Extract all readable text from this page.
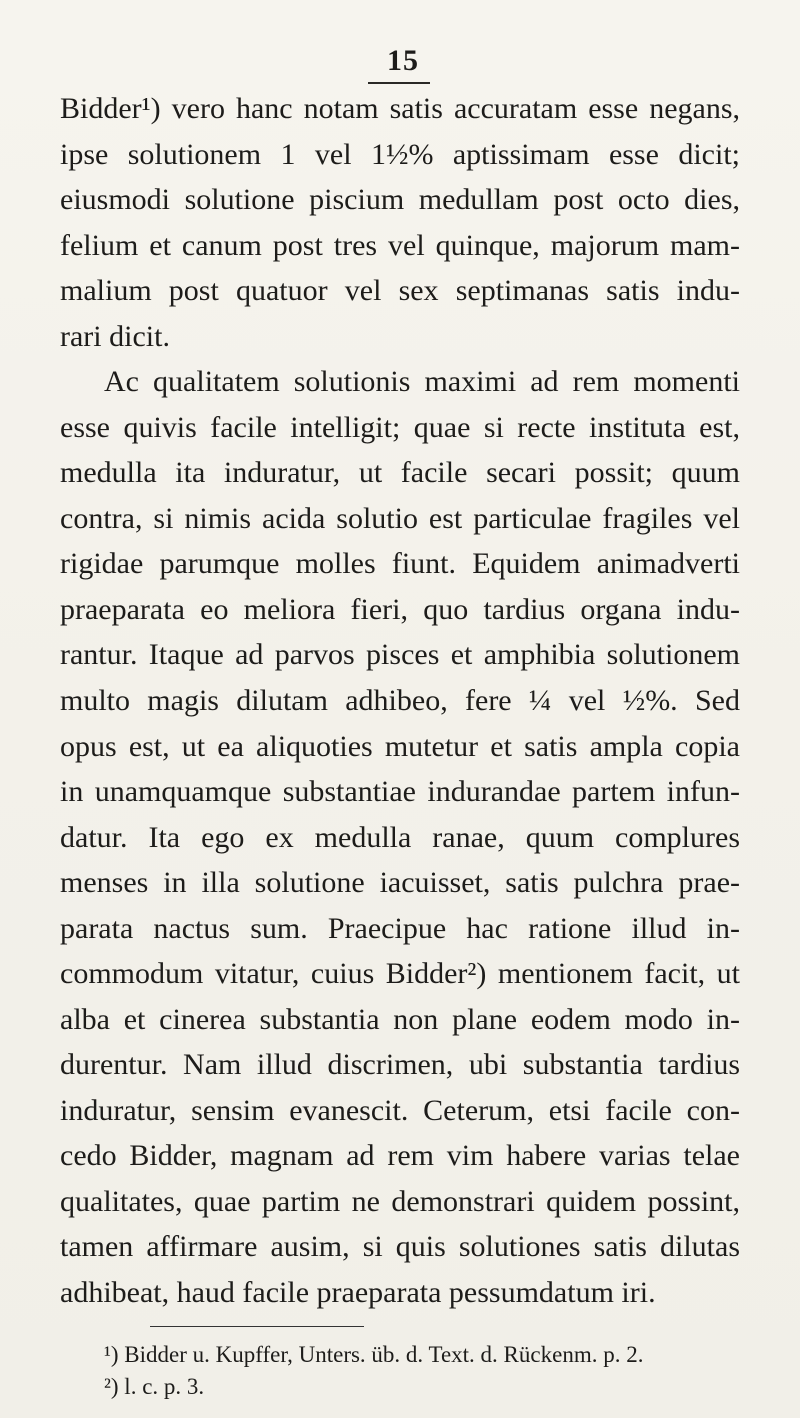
15
Bidder¹) vero hanc notam satis accuratam esse negans,
ipse solutionem 1 vel 1½% aptissimam esse dicit;
eiusmodi solutione piscium medullam post octo dies,
felium et canum post tres vel quinque, majorum mam-
malium post quatuor vel sex septimanas satis indu-
rari dicit.
Ac qualitatem solutionis maximi ad rem momenti
esse quivis facile intelligit; quae si recte instituta est,
medulla ita induratur, ut facile secari possit; quum
contra, si nimis acida solutio est particulae fragiles vel
rigidae parumque molles fiunt. Equidem animadverti
praeparata eo meliora fieri, quo tardius organa indu-
rantur. Itaque ad parvos pisces et amphibia solutionem
multo magis dilutam adhibeo, fere ¼ vel ½%. Sed
opus est, ut ea aliquoties mutetur et satis ampla copia
in unamquamque substantiae indurandae partem infun-
datur. Ita ego ex medulla ranae, quum complures
menses in illa solutione iacuisset, satis pulchra prae-
parata nactus sum. Praecipue hac ratione illud in-
commodum vitatur, cuius Bidder²) mentionem facit, ut
alba et cinerea substantia non plane eodem modo in-
durentur. Nam illud discrimen, ubi substantia tardius
induratur, sensim evanescit. Ceterum, etsi facile con-
cedo Bidder, magnam ad rem vim habere varias telae
qualitates, quae partim ne demonstrari quidem possint,
tamen affirmare ausim, si quis solutiones satis dilutas
adhibeat, haud facile praeparata pessumdatum iri.
¹) Bidder u. Kupffer, Unters. üb. d. Text. d. Rückenm. p. 2.
²) l. c. p. 3.
